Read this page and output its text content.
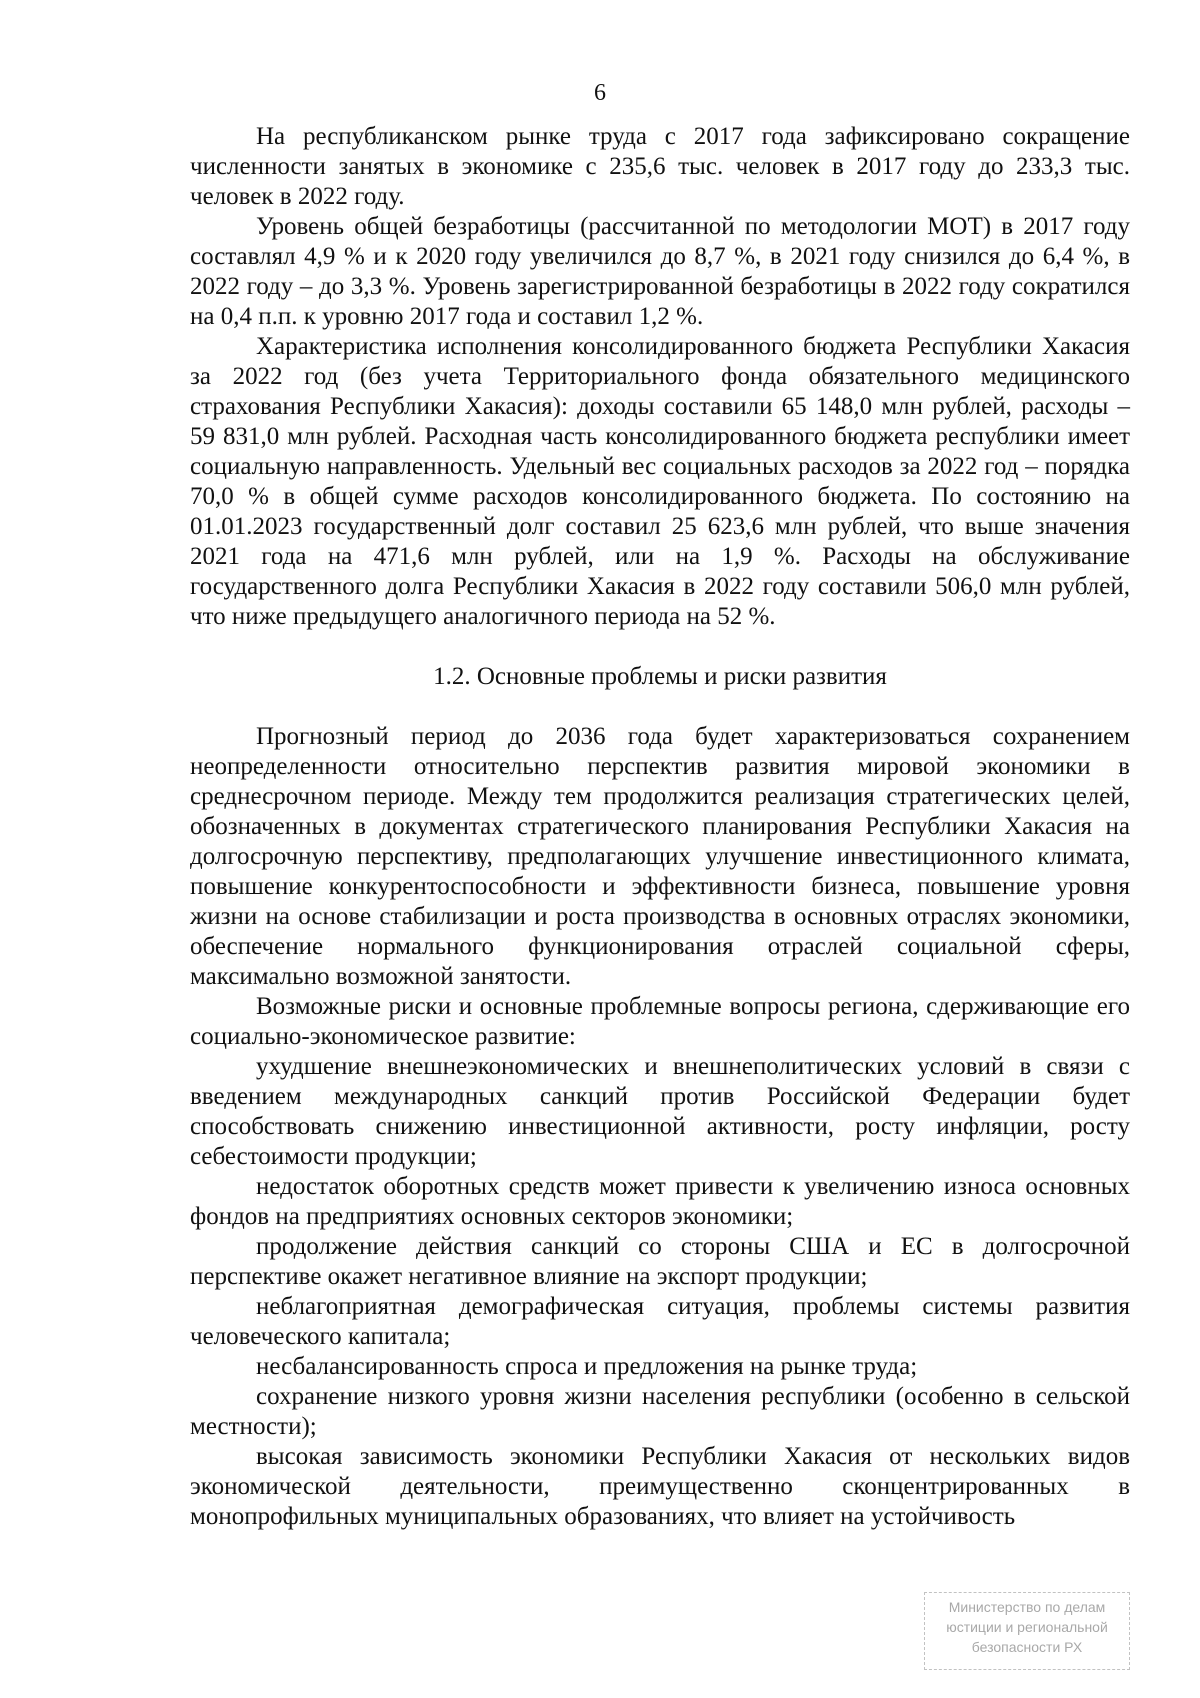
6

На республиканском рынке труда с 2017 года зафиксировано сокращение численности занятых в экономике с 235,6 тыс. человек в 2017 году до 233,3 тыс. человек в 2022 году.

Уровень общей безработицы (рассчитанной по методологии МОТ) в 2017 году составлял 4,9 % и к 2020 году увеличился до 8,7 %, в 2021 году снизился до 6,4 %, в 2022 году – до 3,3 %. Уровень зарегистрированной безработицы в 2022 году сократился на 0,4 п.п. к уровню 2017 года и составил 1,2 %.

Характеристика исполнения консолидированного бюджета Республики Хакасия за 2022 год (без учета Территориального фонда обязательного медицинского страхования Республики Хакасия): доходы составили 65 148,0 млн рублей, расходы – 59 831,0 млн рублей. Расходная часть консолидированного бюджета республики имеет социальную направленность. Удельный вес социальных расходов за 2022 год – порядка 70,0 % в общей сумме расходов консолидированного бюджета. По состоянию на 01.01.2023 государственный долг составил 25 623,6 млн рублей, что выше значения 2021 года на 471,6 млн рублей, или на 1,9 %. Расходы на обслуживание государственного долга Республики Хакасия в 2022 году составили 506,0 млн рублей, что ниже предыдущего аналогичного периода на 52 %.

1.2. Основные проблемы и риски развития

Прогнозный период до 2036 года будет характеризоваться сохранением неопределенности относительно перспектив развития мировой экономики в среднесрочном периоде. Между тем продолжится реализация стратегических целей, обозначенных в документах стратегического планирования Республики Хакасия на долгосрочную перспективу, предполагающих улучшение инвестиционного климата, повышение конкурентоспособности и эффективности бизнеса, повышение уровня жизни на основе стабилизации и роста производства в основных отраслях экономики, обеспечение нормального функционирования отраслей социальной сферы, максимально возможной занятости.

Возможные риски и основные проблемные вопросы региона, сдерживающие его социально-экономическое развитие:

ухудшение внешнеэкономических и внешнеполитических условий в связи с введением международных санкций против Российской Федерации будет способствовать снижению инвестиционной активности, росту инфляции, росту себестоимости продукции;

недостаток оборотных средств может привести к увеличению износа основных фондов на предприятиях основных секторов экономики;

продолжение действия санкций со стороны США и ЕС в долгосрочной перспективе окажет негативное влияние на экспорт продукции;

неблагоприятная демографическая ситуация, проблемы системы развития человеческого капитала;

несбалансированность спроса и предложения на рынке труда;

сохранение низкого уровня жизни населения республики (особенно в сельской местности);

высокая зависимость экономики Республики Хакасия от нескольких видов экономической деятельности, преимущественно сконцентрированных в монопрофильных муниципальных образованиях, что влияет на устойчивость

Министерство по делам
юстиции и региональной
безопасности РХ
